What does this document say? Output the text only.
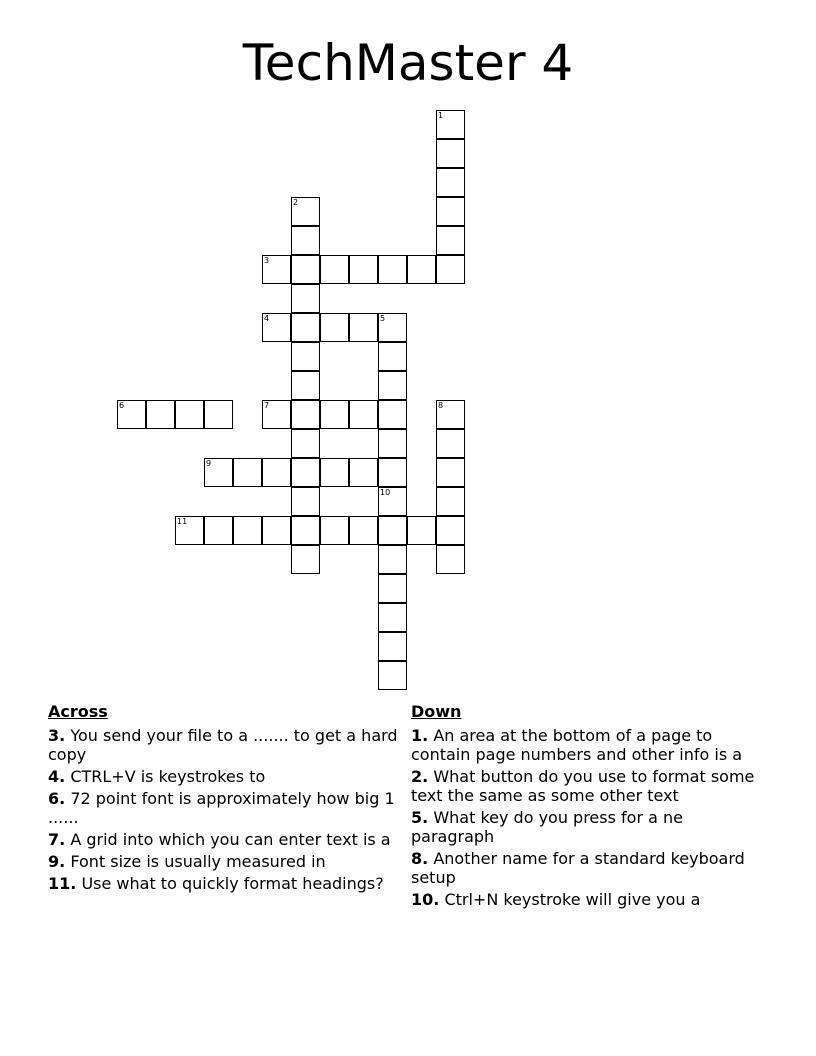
TechMaster 4
1
2
3
4	5
6	7	8
9
10
11
Across
3. You send your file to a ....... to get a hard copy
4. CTRL+V is keystrokes to
6. 72 point font is approximately how big 1 ......
7. A grid into which you can enter text is a
9. Font size is usually measured in
11. Use what to quickly format headings?
Down
1. An area at the bottom of a page to contain page numbers and other info is a
2. What button do you use to format some text the same as some other text
5. What key do you press for a ne paragraph
8. Another name for a standard keyboard setup
10. Ctrl+N keystroke will give you a
